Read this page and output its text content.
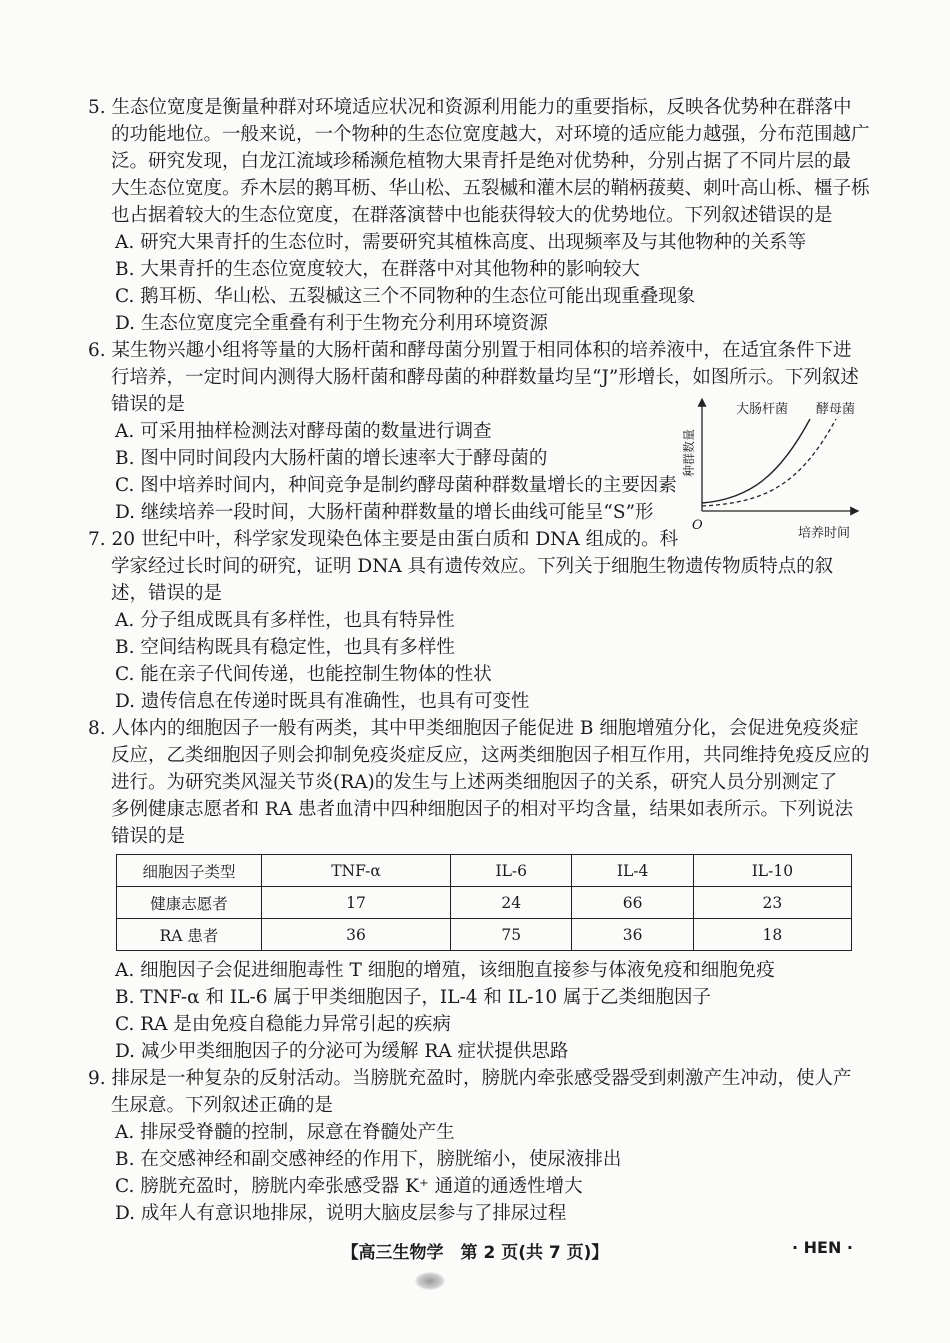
5. 生态位宽度是衡量种群对环境适应状况和资源利用能力的重要指标，反映各优势种在群落中
的功能地位。一般来说，一个物种的生态位宽度越大，对环境的适应能力越强，分布范围越广
泛。研究发现，白龙江流域珍稀濒危植物大果青扦是绝对优势种，分别占据了不同片层的最
大生态位宽度。乔木层的鹅耳枥、华山松、五裂槭和灌木层的鞘柄菝葜、刺叶高山栎、橿子栎
也占据着较大的生态位宽度，在群落演替中也能获得较大的优势地位。下列叙述错误的是
A. 研究大果青扦的生态位时，需要研究其植株高度、出现频率及与其他物种的关系等
B. 大果青扦的生态位宽度较大，在群落中对其他物种的影响较大
C. 鹅耳枥、华山松、五裂槭这三个不同物种的生态位可能出现重叠现象
D. 生态位宽度完全重叠有利于生物充分利用环境资源
6. 某生物兴趣小组将等量的大肠杆菌和酵母菌分别置于相同体积的培养液中，在适宜条件下进
行培养，一定时间内测得大肠杆菌和酵母菌的种群数量均呈“J”形增长，如图所示。下列叙述
错误的是
A. 可采用抽样检测法对酵母菌的数量进行调查
B. 图中同时间段内大肠杆菌的增长速率大于酵母菌的
C. 图中培养时间内，种间竞争是制约酵母菌种群数量增长的主要因素
D. 继续培养一段时间，大肠杆菌种群数量的增长曲线可能呈“S”形
大肠杆菌 酵母菌
种群数量
培养时间
O
7. 20 世纪中叶，科学家发现染色体主要是由蛋白质和 DNA 组成的。科
学家经过长时间的研究，证明 DNA 具有遗传效应。下列关于细胞生物遗传物质特点的叙
述，错误的是
A. 分子组成既具有多样性，也具有特异性
B. 空间结构既具有稳定性，也具有多样性
C. 能在亲子代间传递，也能控制生物体的性状
D. 遗传信息在传递时既具有准确性，也具有可变性
8. 人体内的细胞因子一般有两类，其中甲类细胞因子能促进 B 细胞增殖分化，会促进免疫炎症
反应，乙类细胞因子则会抑制免疫炎症反应，这两类细胞因子相互作用，共同维持免疫反应的
进行。为研究类风湿关节炎(RA)的发生与上述两类细胞因子的关系，研究人员分别测定了
多例健康志愿者和 RA 患者血清中四种细胞因子的相对平均含量，结果如表所示。下列说法
错误的是
细胞因子类型	TNF-α	IL-6	IL-4	IL-10
健康志愿者	17	24	66	23
RA 患者	36	75	36	18
A. 细胞因子会促进细胞毒性 T 细胞的增殖，该细胞直接参与体液免疫和细胞免疫
B. TNF-α 和 IL-6 属于甲类细胞因子，IL-4 和 IL-10 属于乙类细胞因子
C. RA 是由免疫自稳能力异常引起的疾病
D. 减少甲类细胞因子的分泌可为缓解 RA 症状提供思路
9. 排尿是一种复杂的反射活动。当膀胱充盈时，膀胱内牵张感受器受到刺激产生冲动，使人产
生尿意。下列叙述正确的是
A. 排尿受脊髓的控制，尿意在脊髓处产生
B. 在交感神经和副交感神经的作用下，膀胱缩小，使尿液排出
C. 膀胱充盈时，膀胱内牵张感受器 K⁺ 通道的通透性增大
D. 成年人有意识地排尿，说明大脑皮层参与了排尿过程
【高三生物学　第 2 页(共 7 页)】	· HEN ·
